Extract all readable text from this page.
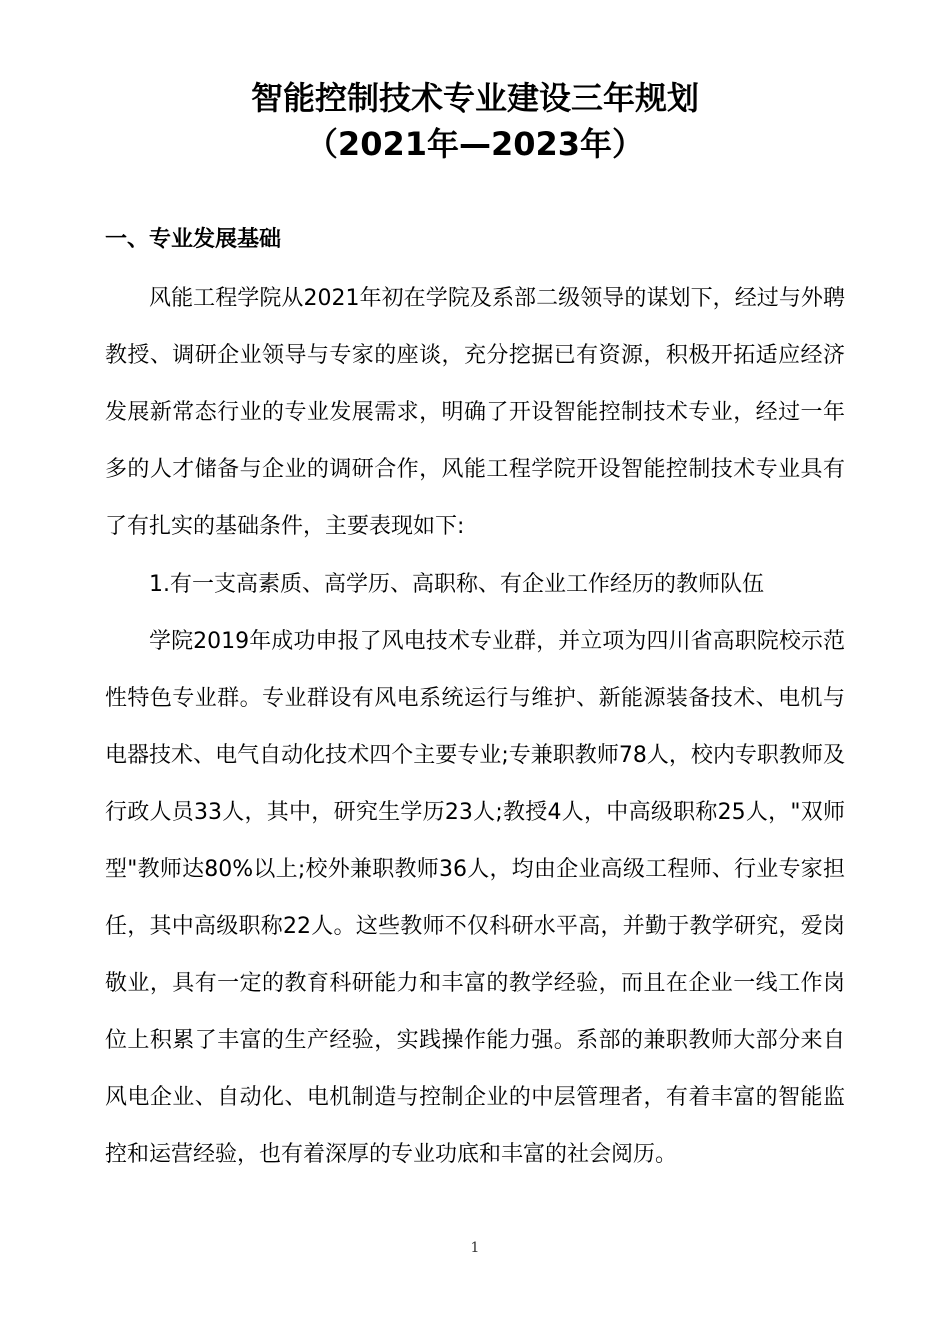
智能控制技术专业建设三年规划
（2021年—2023年）
一、专业发展基础

风能工程学院从2021年初在学院及系部二级领导的谋划下，经过与外聘教授、调研企业领导与专家的座谈，充分挖据已有资源，积极开拓适应经济发展新常态行业的专业发展需求，明确了开设智能控制技术专业，经过一年多的人才储备与企业的调研合作，风能工程学院开设智能控制技术专业具有了有扎实的基础条件，主要表现如下:

1.有一支高素质、高学历、高职称、有企业工作经历的教师队伍

学院2019年成功申报了风电技术专业群，并立项为四川省高职院校示范性特色专业群。专业群设有风电系统运行与维护、新能源装备技术、电机与电器技术、电气自动化技术四个主要专业;专兼职教师78人，校内专职教师及行政人员33人，其中，研究生学历23人;教授4人，中高级职称25人，"双师型"教师达80%以上;校外兼职教师36人，均由企业高级工程师、行业专家担任，其中高级职称22人。这些教师不仅科研水平高，并勤于教学研究，爱岗敬业，具有一定的教育科研能力和丰富的教学经验，而且在企业一线工作岗位上积累了丰富的生产经验，实践操作能力强。系部的兼职教师大部分来自风电企业、自动化、电机制造与控制企业的中层管理者，有着丰富的智能监控和运营经验，也有着深厚的专业功底和丰富的社会阅历。

1
